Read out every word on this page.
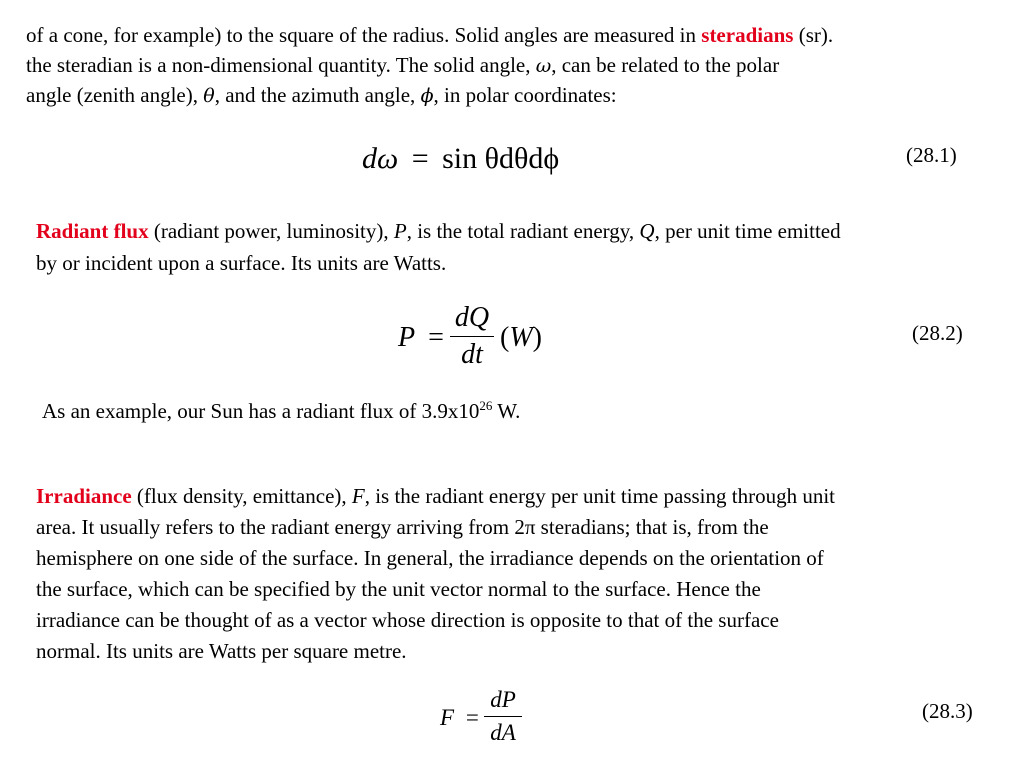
of a cone, for example) to the square of the radius. Solid angles are measured in steradians (sr).
the steradian is a non-dimensional quantity. The solid angle, ω, can be related to the polar
angle (zenith angle), θ, and the azimuth angle, ϕ, in polar coordinates:
dω = sin θdθdϕ	(28.1)
Radiant flux (radiant power, luminosity), P, is the total radiant energy, Q, per unit time emitted
by or incident upon a surface. Its units are Watts.
P =
dQ
dt
(W)	(28.2)
As an example, our Sun has a radiant flux of $3.9x10^{26}$ W.
Irradiance (flux density, emittance), F, is the radiant energy per unit time passing through unit
area. It usually refers to the radiant energy arriving from 2π steradians; that is, from the
hemisphere on one side of the surface. In general, the irradiance depends on the orientation of
the surface, which can be specified by the unit vector normal to the surface. Hence the
irradiance can be thought of as a vector whose direction is opposite to that of the surface
normal. Its units are Watts per square metre.
F =
dP
dA
(28.3)
